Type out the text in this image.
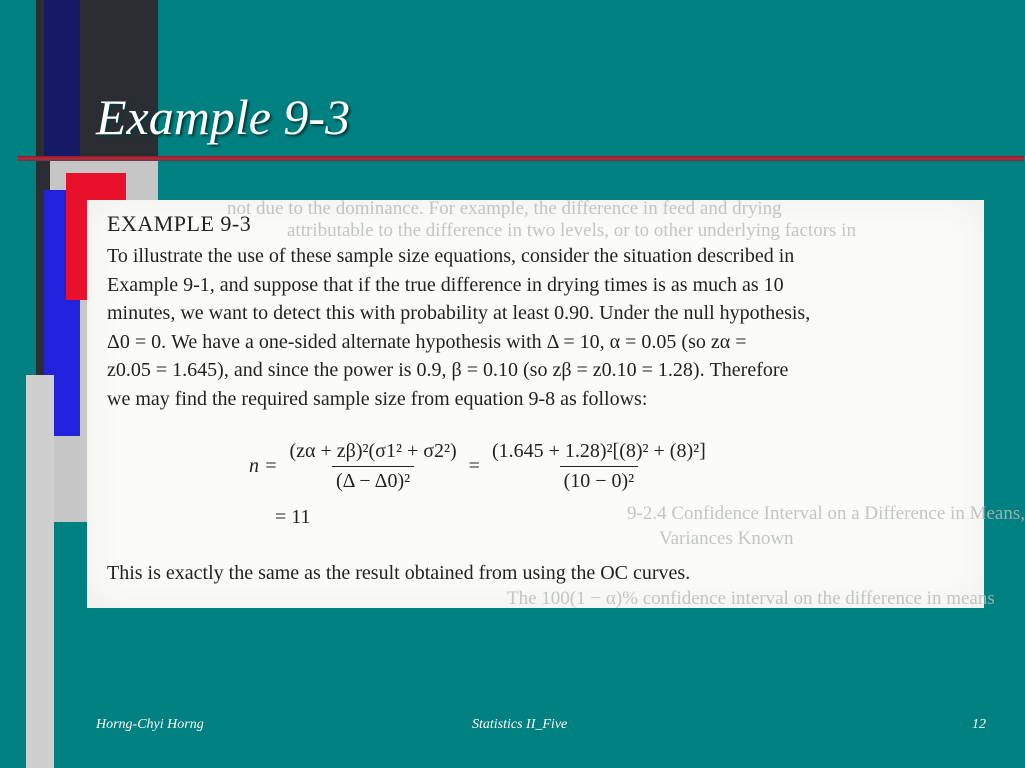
Example 9-3
not due to the dominance. For example, the difference in feed and drying
attributable to the difference in two levels, or to other underlying factors in
9-2.4 Confidence Interval on a Difference in Means,
Variances Known
The 100(1 − α)% confidence interval on the difference in means
EXAMPLE 9-3
To illustrate the use of these sample size equations, consider the situation described in
Example 9-1, and suppose that if the true difference in drying times is as much as 10
minutes, we want to detect this with probability at least 0.90. Under the null hypothesis,
Δ0 = 0. We have a one-sided alternate hypothesis with Δ = 10, α = 0.05 (so zα =
z0.05 = 1.645), and since the power is 0.9, β = 0.10 (so zβ = z0.10 = 1.28). Therefore
we may find the required sample size from equation 9-8 as follows:
$n = \frac{\text{(zα + zβ)²(σ1² + σ2²)}}{\text{(Δ − Δ0)²}} = \frac{\text{(1.645 + 1.28)²[(8)² + (8)²]}}{\text{(10 − 0)²}}$
= 11
This is exactly the same as the result obtained from using the OC curves.
Horng-Chyi Horng	Statistics II_Five	12
